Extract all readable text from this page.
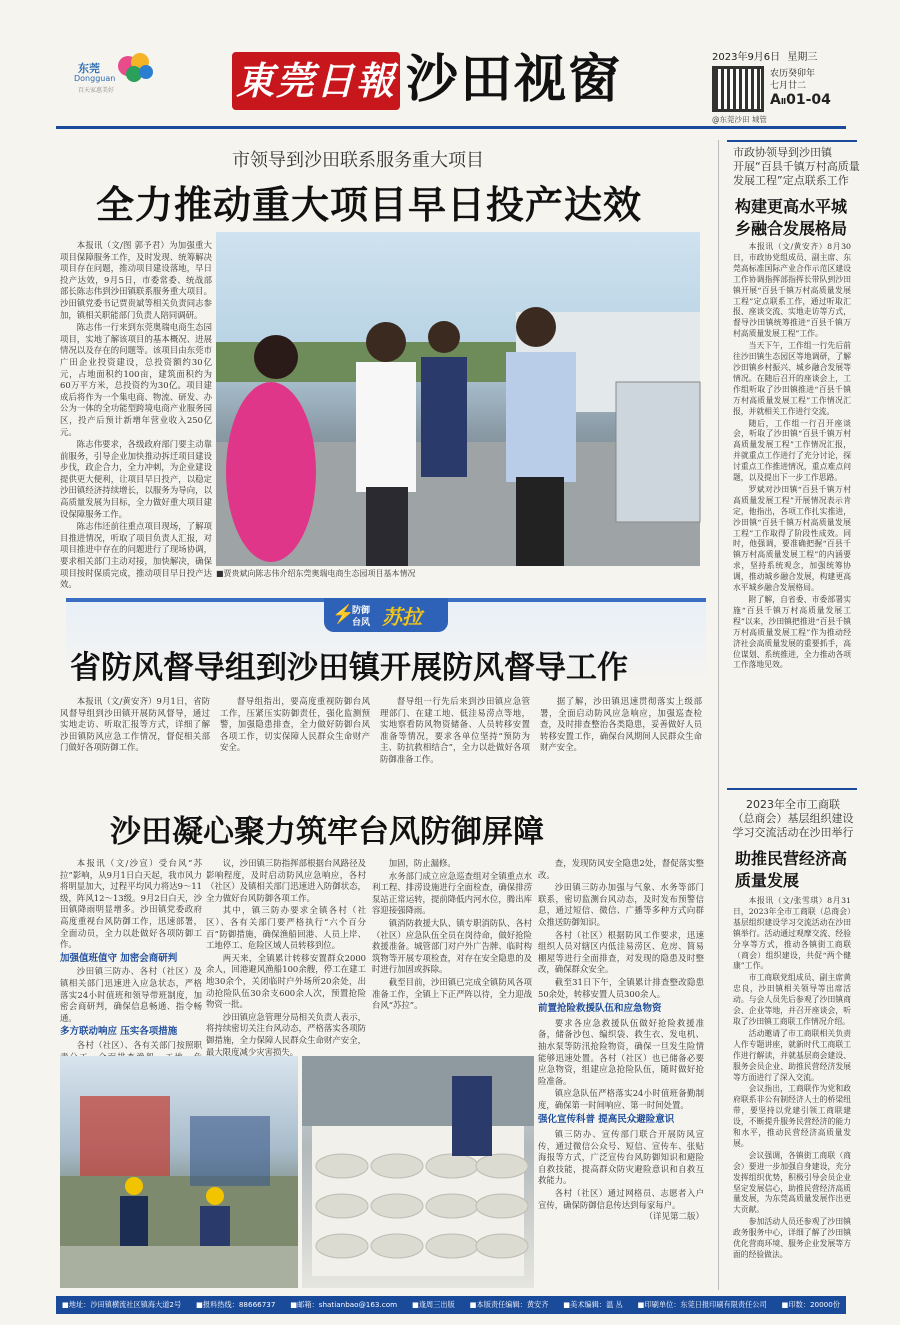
东莞
Dongguan
百天家惠美好	東莞日報 沙田视窗	2023年9月6日 星期三
农历癸卯年
七月廿二
AⅡ01-04
@东莞沙田 城管
市领导到沙田联系服务重大项目
全力推动重大项目早日投产达效

本报讯（文/图 郭予君）为加强重大项目保障服务工作，及时发现、统筹解决项目存在问题，推动项目建设落地，早日投产达效，9月5日，市委常委、统战部部长陈志伟到沙田镇联系服务重大项目。沙田镇党委书记贾贵斌等相关负责同志参加，镇相关职能部门负责人陪同调研。

陈志伟一行来到东莞奥瑞电商生态园项目，实地了解该项目的基本概况、进展情况以及存在的问题等。该项目由东莞市广田企业投资建设，总投资额约30亿元，占地面积约100亩，建筑面积约为60万平方米，总投资约为30亿。项目建成后将作为一个集电商、物流、研发、办公为一体的全功能型跨境电商产业服务园区，投产后预计新增年营业收入250亿元。

陈志伟要求，各级政府部门要主动靠前服务，引导企业加快推动拆迁项目建设步伐，政企合力，全力冲刺，为企业建设提供更大便利，让项目早日投产，以稳定沙田镇经济持续增长，以服务为导向，以高质量发展为目标，全力做好重大项目建设保障服务工作。

陈志伟还前往重点项目现场，了解项目推进情况，听取了项目负责人汇报，对项目推进中存在的问题进行了现场协调，要求相关部门主动对接，加快解决，确保项目按时保质完成，推动项目早日投产达效。

■贾贵斌向陈志伟介绍东莞奥瑞电商生态园项目基本情况
市政协领导到沙田镇
开展“百县千镇万村高质量
发展工程”定点联系工作
构建更高水平城
乡融合发展格局

本报讯（文/黄安齐）8月30日，市政协党组成员、副主席、东莞高标准国际产业合作示范区建设工作协调指挥部指挥长带队到沙田镇开展“百县千镇万村高质量发展工程”定点联系工作，通过听取汇报、座谈交流、实地走访等方式，督导沙田镇统筹推进“百县千镇万村高质量发展工程”工作。

当天下午，工作组一行先后前往沙田镇生态园区等地调研，了解沙田镇乡村振兴、城乡融合发展等情况。在随后召开的座谈会上，工作组听取了沙田镇推进“百县千镇万村高质量发展工程”工作情况汇报，并就相关工作进行交流。

随后，工作组一行召开座谈会，听取了沙田镇“百县千镇万村高质量发展工程”工作情况汇报，并就重点工作进行了充分讨论，探讨重点工作推进情况，重点难点问题，以及提出下一步工作思路。

罗斌对沙田镇“百县千镇万村高质量发展工程”开展情况表示肯定，他指出，各项工作扎实推进，沙田镇“百县千镇万村高质量发展工程”工作取得了阶段性成效。同时，他强调，要准确把握“百县千镇万村高质量发展工程”的内涵要求，坚持系统观念，加强统筹协调，推动城乡融合发展，构建更高水平城乡融合发展格局。

附了解，自省委、市委部署实施“百县千镇万村高质量发展工程”以来，沙田镇把推进“百县千镇万村高质量发展工程”作为推动经济社会高质量发展的重要抓手，高位谋划、系统推进，全力推动各项工作落地见效。

⚡
防御
台风 苏拉
省防风督导组到沙田镇开展防风督导工作

本报讯（文/黄安齐）9月1日，省防风督导组到沙田镇开展防风督导，通过实地走访、听取汇报等方式，详细了解沙田镇防风应急工作情况，督促相关部门做好各项防御工作。

督导组指出，要高度重视防御台风工作，压紧压实防御责任，强化监测预警，加强隐患排查，全力做好防御台风各项工作，切实保障人民群众生命财产安全。

督导组一行先后来到沙田镇应急管理部门、在建工地、低洼易涝点等地，实地察看防风物资储备、人员转移安置准备等情况，要求各单位坚持“预防为主、防抗救相结合”，全力以赴做好各项防御准备工作。

据了解，沙田镇迅速贯彻落实上级部署，全面启动防风应急响应，加强巡查检查，及时排查整治各类隐患，妥善做好人员转移安置工作，确保台风期间人民群众生命财产安全。

沙田凝心聚力筑牢台风防御屏障

本报讯（文/沙宣）受台风“苏拉”影响，从9月1日白天起，我市风力将明显加大，过程平均风力将达9～11级，阵风12～13级。9月2日白天，沙田镇降雨明显增多。沙田镇党委政府高度重视台风防御工作，迅速部署，全面动员，全力以赴做好各项防御工作。

加强值班值守 加密会商研判

沙田镇三防办、各村（社区）及镇相关部门迅速进入应急状态，严格落实24小时值班和领导带班制度，加密会商研判，确保信息畅通、指令畅通。

多方联动响应 压实各项措施

各村（社区）、各有关部门按照职

议，沙田镇三防指挥部根据台风路径及影响程度，及时启动防风应急响应，各村（社区）及镇相关部门迅速进入防御状态，全力做好台风防御各项工作。

其中，镇三防办要求全镇各村（社区）、各有关部门要严格执行“六个百分百”防御措施，确保渔船回港、人员上岸、工地停工、危险区域人员转移到位。

两天来，全镇累计转移安置群众2000余人，回港避风渔船100余艘，停工在建工地30余个，关闭临时户外场所20余处，出动抢险队伍30余支600余人次，预置抢险物资一批。

沙田镇应急管理分局相关负责人表示，将持续密切关注台风动态，严格落实各项防御措施，全力保障人民群众生命财产安全，最大限度减少灾害损失。

加固，防止漏修。

水务部门成立应急巡查组对全镇重点水利工程、排涝设施进行全面检查，确保排涝泵站正常运转，提前降低内河水位，腾出库容迎接强降雨。

镇消防救援大队、镇专职消防队、各村（社区）应急队伍全员在岗待命，做好抢险救援准备。城管部门对户外广告牌、临时构筑物等开展专项检查，对存在安全隐患的及时进行加固或拆除。

截至目前，沙田镇已完成全镇防风各项准备工作，全镇上下正严阵以待，全力迎战台风“苏拉”。

查，发现防风安全隐患2处，督促落实整改。

沙田镇三防办加强与气象、水务等部门联系，密切监测台风动态，及时发布预警信息，通过短信、微信、广播等多种方式向群众推送防御知识。

各村（社区）根据防风工作要求，迅速组织人员对辖区内低洼易涝区、危房、简易棚屋等进行全面排查，对发现的隐患及时整改，确保群众安全。

截至31日下午，全镇累计排查整改隐患50余处，转移安置人员300余人。

前置抢险救援队伍和应急物资

要求各应急救援队伍做好抢险救援准备，储备沙包、编织袋、救生衣、发电机、抽水泵等防汛抢险物资，确保一旦发生险情能够迅速处置。各村（社区）也已储备必要应急物资，组建应急抢险队伍，随时做好抢险准备。

镇应急队伍严格落实24小时值班备勤制度，确保第一时间响应、第一时间处置。

强化宣传科普 提高民众避险意识

镇三防办、宣传部门联合开展防风宣传，通过微信公众号、短信、宣传车、张贴海报等方式，广泛宣传台风防御知识和避险自救技能，提高群众防灾避险意识和自救互救能力。

各村（社区）通过网格员、志愿者入户宣传，确保防御信息传达到每家每户。

（详见第二版）
2023年全市工商联
（总商会）基层组织建设
学习交流活动在沙田举行
助推民营经济高
质量发展

本报讯（文/张雪琪）8月31日，2023年全市工商联（总商会）基层组织建设学习交流活动在沙田镇举行。活动通过观摩交流、经验分享等方式，推动各镇街工商联（商会）组织建设，共促“两个健康”工作。

市工商联党组成员、副主席黄忠良，沙田镇相关领导等出席活动。与会人员先后参观了沙田镇商会、企业等地，并召开座谈会，听取了沙田镇工商联工作情况介绍。

活动邀请了市工商联相关负责人作专题讲座，就新时代工商联工作进行解读，并就基层商会建设、服务会员企业、助推民营经济发展等方面进行了深入交流。

会议指出，工商联作为党和政府联系非公有制经济人士的桥梁纽带，要坚持以党建引领工商联建设，不断提升服务民营经济的能力和水平，推动民营经济高质量发展。

会议强调，各镇街工商联（商会）要进一步加强自身建设，充分发挥组织优势，积极引导会员企业坚定发展信心，助推民营经济高质量发展，为东莞高质量发展作出更大贡献。

参加活动人员还参观了沙田镇政务服务中心，详细了解了沙田镇优化营商环境、服务企业发展等方面的经验做法。

■地址：沙田镇横流社区镇海大道2号 ■报料热线：88666737 ■邮箱：shatianbao@163.com ■逢周三出版 ■本版责任编辑：黄安齐 ■美术编辑：温 丛 ■印刷单位：东莞日报印刷有限责任公司 ■印数：20000份
